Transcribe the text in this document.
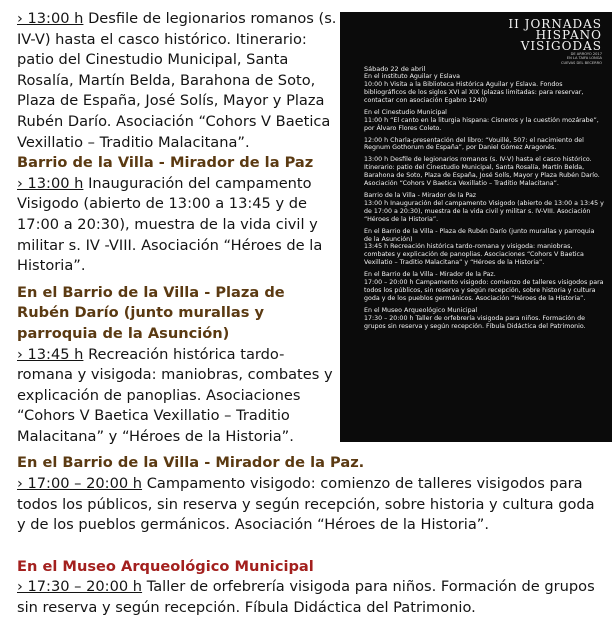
› 13:00 h Desfile de legionarios romanos (s. IV-V) hasta el casco histórico. Itinerario: patio del Cinestudio Municipal, Santa Rosalía, Martín Belda, Barahona de Soto, Plaza de España, José Solís, Mayor y Plaza Rubén Darío. Asociación “Cohors V Baetica Vexillatio – Traditio Malacitana”.
Barrio de la Villa - Mirador de la Paz
› 13:00 h Inauguración del campamento Visigodo (abierto de 13:00 a 13:45 y de 17:00 a 20:30), muestra de la vida civil y militar s. IV -VIII. Asociación “Héroes de la Historia”.
En el Barrio de la Villa - Plaza de Rubén Darío (junto murallas y parroquia de la Asunción)
› 13:45 h Recreación histórica tardo-romana y visigoda: maniobras, combates y explicación de panoplias. Asociaciones “Cohors V Baetica Vexillatio – Traditio Malacitana” y “Héroes de la Historia”.
En el Barrio de la Villa - Mirador de la Paz.
› 17:00 – 20:00 h Campamento visigodo: comienzo de talleres visigodos para todos los públicos, sin reserva y según recepción, sobre historia y cultura goda y de los pueblos germánicos. Asociación “Héroes de la Historia”.
En el Museo Arqueológico Municipal
› 17:30 – 20:00 h Taller de orfebrería visigoda para niños. Formación de grupos sin reserva y según recepción. Fíbula Didáctica del Patrimonio.
II JORNADAS
HISPANO
VISIGODAS
DE ARROYO 2017
EN LA TAIFA LONGA
CUEVAS DEL BECERRO
Sábado 22 de abril
En el instituto Aguilar y Eslava
10:00 h Visita a la Biblioteca Histórica Aguilar y Eslava. Fondos bibliográficos de los siglos XVI al XIX (plazas limitadas: para reservar, contactar con asociación Egabro 1240)
En el Cinestudio Municipal
11:00 h “El canto en la liturgia hispana: Cisneros y la cuestión mozárabe”, por Álvaro Flores Coleto.
12:00 h Charla-presentación del libro: “Vouillé, 507: el nacimiento del Regnum Gothorum de España”, por Daniel Gómez Aragonés.
13:00 h Desfile de legionarios romanos (s. IV-V) hasta el casco histórico. Itinerario: patio del Cinestudio Municipal, Santa Rosalía, Martín Belda, Barahona de Soto, Plaza de España, José Solís, Mayor y Plaza Rubén Darío. Asociación “Cohors V Baetica Vexillatio – Traditio Malacitana”.
Barrio de la Villa - Mirador de la Paz
13:00 h Inauguración del campamento Visigodo (abierto de 13:00 a 13:45 y de 17:00 a 20:30), muestra de la vida civil y militar s. IV-VIII. Asociación “Héroes de la Historia”.
En el Barrio de la Villa - Plaza de Rubén Darío (junto murallas y parroquia de la Asunción)
13:45 h Recreación histórica tardo-romana y visigoda: maniobras, combates y explicación de panoplias. Asociaciones “Cohors V Baetica Vexillatio – Traditio Malacitana” y “Héroes de la Historia”.
En el Barrio de la Villa - Mirador de la Paz.
17:00 – 20:00 h Campamento visigodo: comienzo de talleres visigodos para todos los públicos, sin reserva y según recepción, sobre historia y cultura goda y de los pueblos germánicos. Asociación “Héroes de la Historia”.
En el Museo Arqueológico Municipal
17:30 – 20:00 h Taller de orfebrería visigoda para niños. Formación de grupos sin reserva y según recepción. Fíbula Didáctica del Patrimonio.
